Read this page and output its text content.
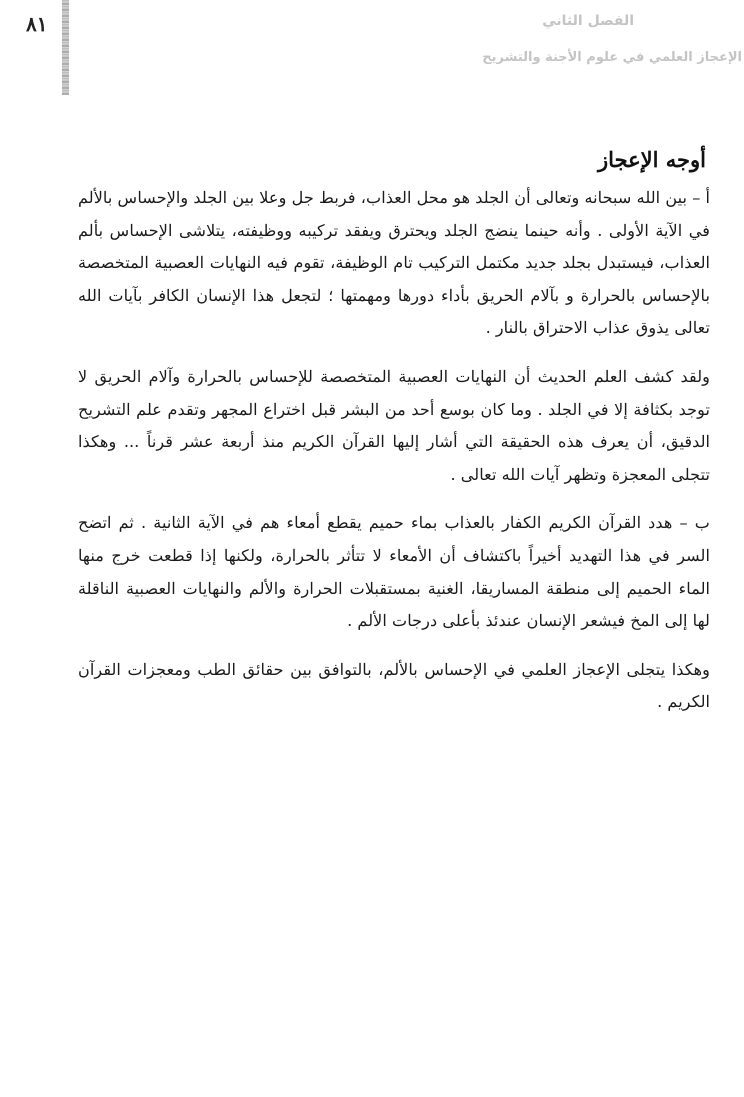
٨١	الفصل الثاني
الإعجاز العلمي في علوم الأجنة والتشريح
أوجه الإعجاز

أ – بين الله سبحانه وتعالى أن الجلد هو محل العذاب، فربط جل وعلا بين الجلد والإحساس بالألم في الآية الأولى . وأنه حينما ينضج الجلد ويحترق ويفقد تركيبه ووظيفته، يتلاشى الإحساس بألم العذاب، فيستبدل بجلد جديد مكتمل التركيب تام الوظيفة، تقوم فيه النهايات العصبية المتخصصة بالإحساس بالحرارة و بآلام الحريق بأداء دورها ومهمتها ؛ لتجعل هذا الإنسان الكافر بآيات الله تعالى يذوق عذاب الاحتراق بالنار .

ولقد كشف العلم الحديث أن النهايات العصبية المتخصصة للإحساس بالحرارة وآلام الحريق لا توجد بكثافة إلا في الجلد . وما كان بوسع أحد من البشر قبل اختراع المجهر وتقدم علم التشريح الدقيق، أن يعرف هذه الحقيقة التي أشار إليها القرآن الكريم منذ أربعة عشر قرناً ... وهكذا تتجلى المعجزة وتظهر آيات الله تعالى .

ب – هدد القرآن الكريم الكفار بالعذاب بماء حميم يقطع أمعاء هم في الآية الثانية . ثم اتضح السر في هذا التهديد أخيراً باكتشاف أن الأمعاء لا تتأثر بالحرارة، ولكنها إذا قطعت خرج منها الماء الحميم إلى منطقة المساريقا، الغنية بمستقبلات الحرارة والألم والنهايات العصبية الناقلة لها إلى المخ فيشعر الإنسان عندئذ بأعلى درجات الألم .

وهكذا يتجلى الإعجاز العلمي في الإحساس بالألم، بالتوافق بين حقائق الطب ومعجزات القرآن الكريم .
